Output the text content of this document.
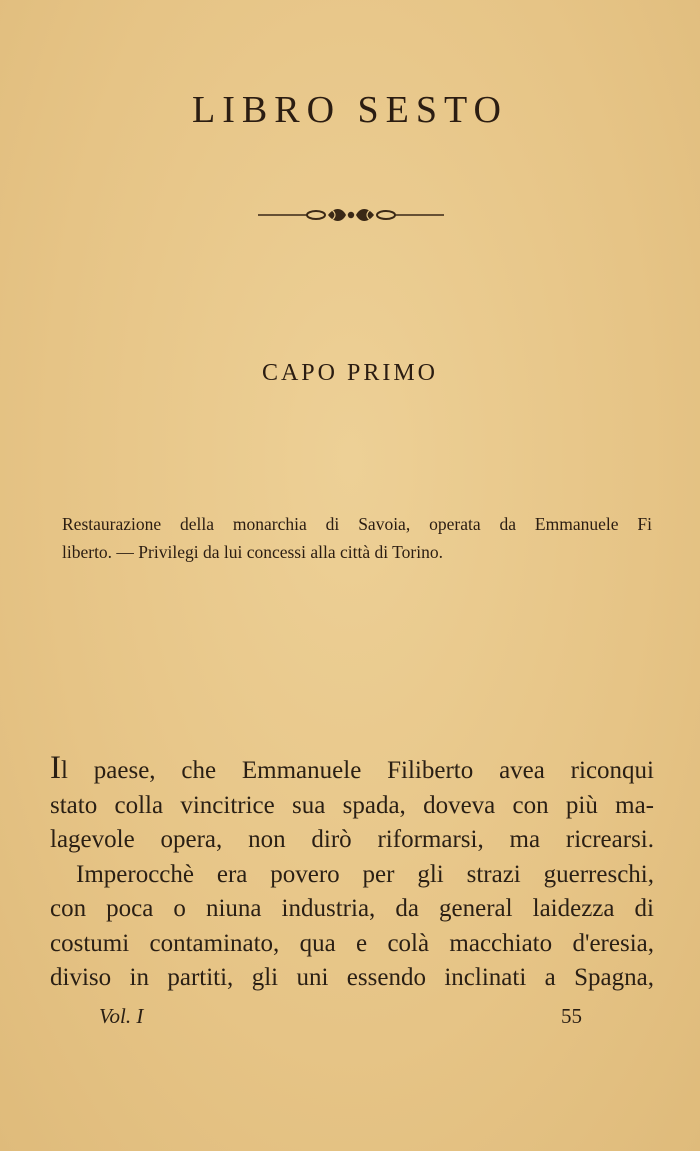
LIBRO SESTO
CAPO PRIMO
Restaurazione della monarchia di Savoia, operata da Emmanuele Fi
liberto. — Privilegi da lui concessi alla città di Torino.
Il paese, che Emmanuele Filiberto avea riconqui
stato colla vincitrice sua spada, doveva con più ma-
lagevole opera, non dirò riformarsi, ma ricrearsi.
Imperocchè era povero per gli strazi guerreschi,
con poca o niuna industria, da general laidezza di
costumi contaminato, qua e colà macchiato d'eresia,
diviso in partiti, gli uni essendo inclinati a Spagna,
Vol. I	55
